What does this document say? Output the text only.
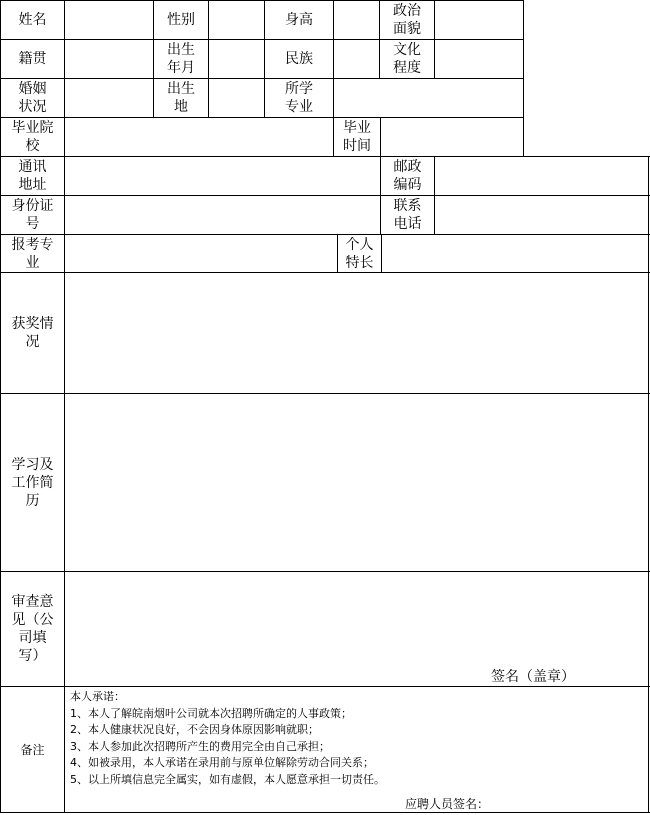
姓名	性别	身高
政治
面貌
籍贯
出生
年月
民族
文化
程度
婚姻
状况
出生
地
所学
专业
毕业院
校
毕业
时间
通讯
地址
邮政
编码
身份证
号
联系
电话
报考专
业
个人
特长
获奖情
况
学习及
工作简
历
审查意
见（公
司填
写）
签名（盖章）
备注
本人承诺：
1、本人了解皖南烟叶公司就本次招聘所确定的人事政策；
2、本人健康状况良好，不会因身体原因影响就职；
3、本人参加此次招聘所产生的费用完全由自己承担；
4、如被录用，本人承诺在录用前与原单位解除劳动合同关系；
5、以上所填信息完全属实，如有虚假，本人愿意承担一切责任。
应聘人员签名：
